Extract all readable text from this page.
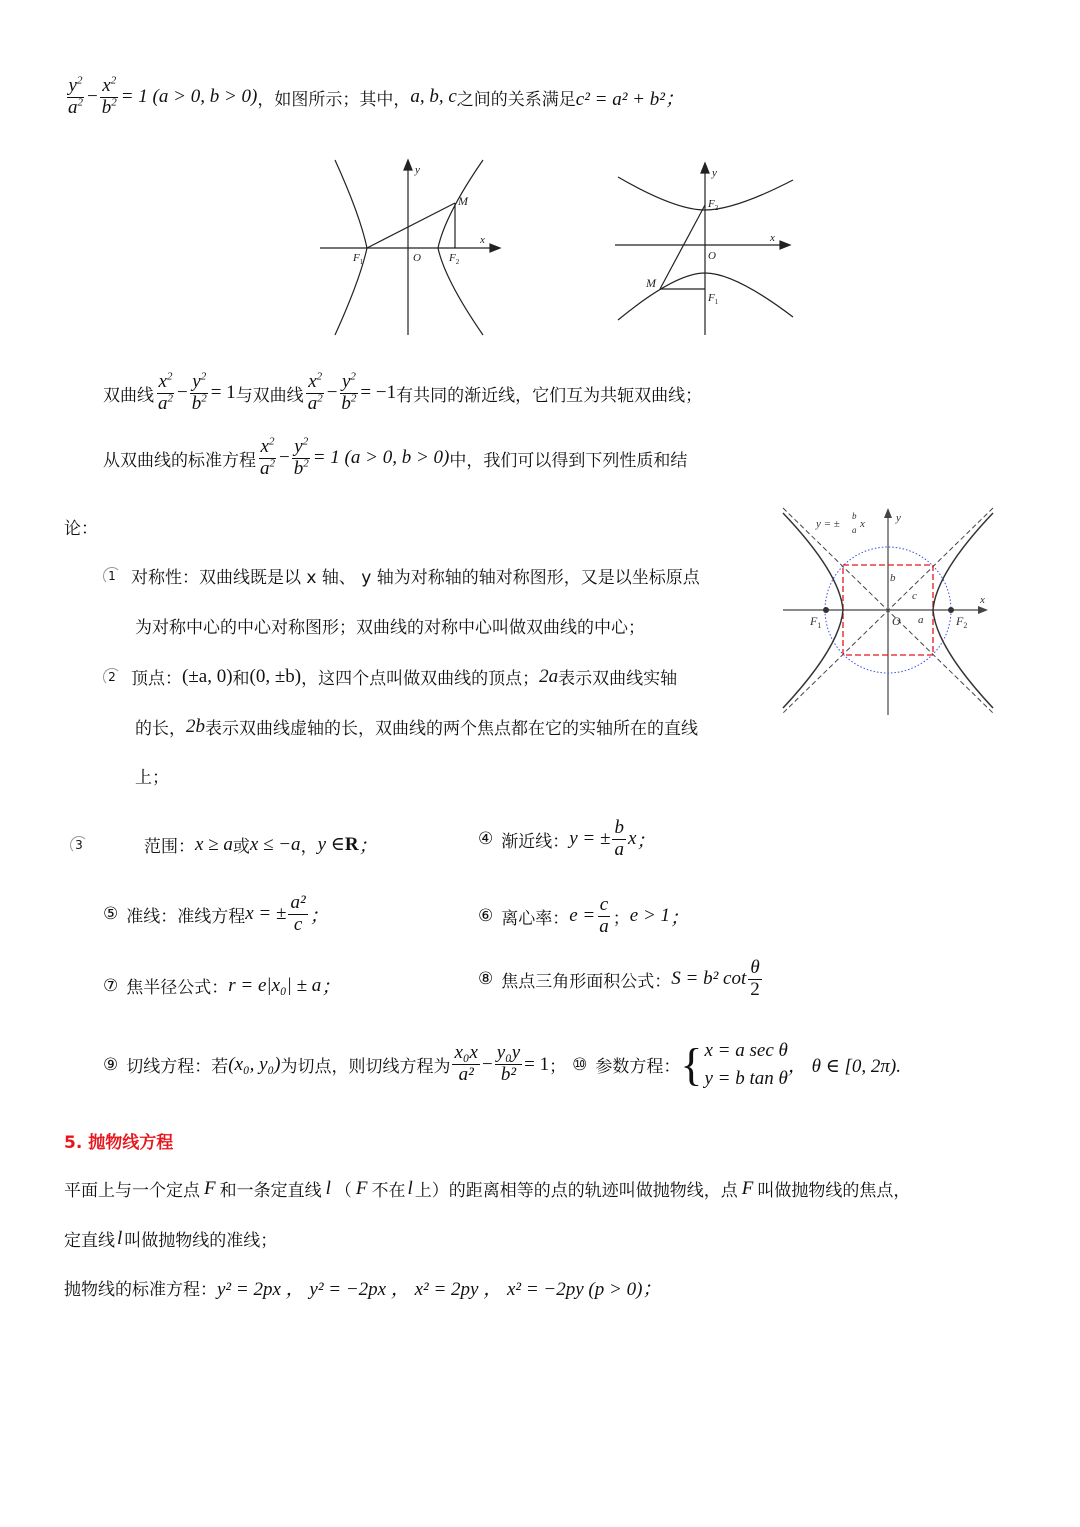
$\frac{y^2}{a^2} - \frac{x^2}{b^2} = 1$ (a > 0, b > 0) ，如图所示；其中， a, b, c 之间的关系满足 c² = a² + b²；
y
x
M
$F_1$	O	$F_2$
y
x
$F_2$
O
M
$F_1$
双曲线 $\frac{x^2}{a^2} - \frac{y^2}{b^2} = 1$ 与双曲线 $\frac{x^2}{a^2} - \frac{y^2}{b^2} = -1$ 有共同的渐近线，它们互为共轭双曲线；
从双曲线的标准方程 $\frac{x^2}{a^2} - \frac{y^2}{b^2} = 1$ (a > 0, b > 0) 中，我们可以得到下列性质和结
论：	y = ±
b
a x	y
x
b
c
a
O
$F_1$	$F_2$
1 对称性：双曲线既是以 x 轴、 y 轴为对称轴的轴对称图形，又是以坐标原点
为对称中心的中心对称图形；双曲线的对称中心叫做双曲线的中心；
2 顶点： (±a, 0) 和 (0, ±b) ，这四个点叫做双曲线的顶点； 2a 表示双曲线实轴
的长， 2b 表示双曲线虚轴的长，双曲线的两个焦点都在它的实轴所在的直线
上；
3	范围： x ≥ a 或 x ≤ −a ， y ∈ R ；	④ 渐近线： y = ± $\frac{b}{a}$ x ；
⑤ 准线：准线方程 x = ± $\frac{\text{a²}}{c}$ ；	⑥ 离心率： $e = \frac{c}{a}$ ； e > 1 ；
⑦ 焦半径公式： r = e|x₀| ± a ；	⑧ 焦点三角形面积公式： S = b² $\cot \frac{\theta}{2}$
⑨ 切线方程：若 (x₀, y₀) 为切点，则切线方程为 $\frac{\text{x₀x}}{\text{a²}} - \frac{\text{y₀y}}{\text{b²}} = 1$ ； ⑩ 参数方程： { x = a sec θ
y = b tan θ
， θ ∈ [0, 2π).
5. 抛物线方程
平面上与一个定点 F 和一条定直线 l （ F 不在 l 上）的距离相等的点的轨迹叫做抛物线，点 F 叫做抛物线的焦点，
定直线 l 叫做抛物线的准线；
抛物线的标准方程： y² = 2px ， y² = −2px ， x² = 2py ， x² = −2py (p > 0)；
